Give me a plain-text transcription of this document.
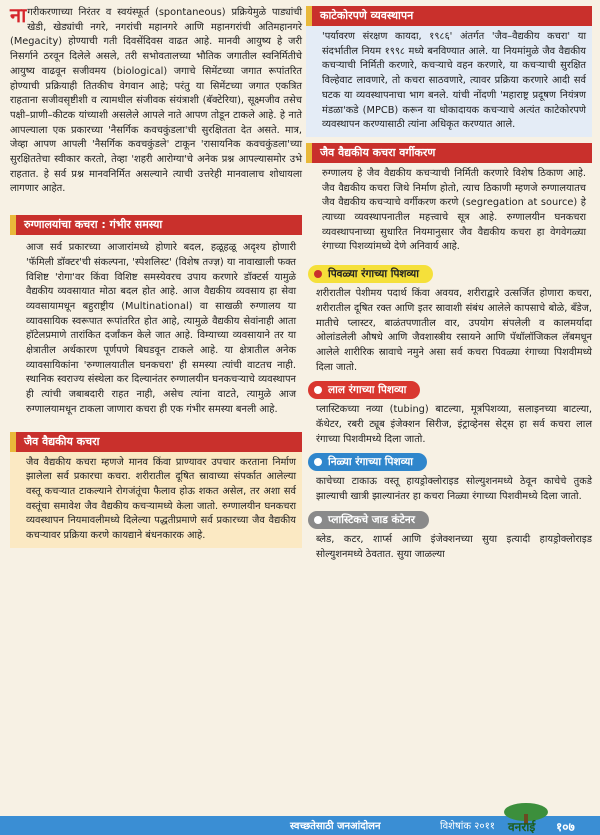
नागरीकरणाच्या निरंतर व स्वयंस्फूर्त (spontaneous) प्रक्रियेमुळे पाड्यांची खेडी, खेड्यांची नगरे, नगरांची महानगरे आणि महानगरांची अतिमहानगरे (Megacity) होण्याची गती दिवसेंदिवस वाढत आहे. मानवी आयुष्य हे जरी निसर्गाने ठरवून दिलेले असले, तरी सभोवतालच्या भौतिक जगातील स्वनिर्मितीचे आयुष्य वाढवून सजीवमय (biological) जगाचे सिमेंटच्या जगात रूपांतरित होण्याची प्रक्रियाही तितकीच वेगवान आहे; परंतु या सिमेंटच्या जगात एकत्रित राहताना सजीवसृष्टीशी व त्यामधील संजीवक संयंत्राशी (बॅक्टेरिया), सूक्ष्मजीव तसेच पक्षी–प्राणी–कीटक यांच्याशी असलेले आपले नाते आपण तोडून टाकले आहे. हे नाते आपल्याला एक प्रकारच्या 'नैसर्गिक कवचकुंडला'ची सुरक्षितता देत असते. मात्र, जेव्हा आपण आपली 'नैसर्गिक कवचकुंडले' टाकून 'रासायनिक कवचकुंडला'च्या सुरक्षिततेचा स्वीकार करतो, तेव्हा 'शहरी आरोग्या'चे अनेक प्रश्न आपल्यासमोर उभे राहतात. हे सर्व प्रश्न मानवनिर्मित असल्याने त्याची उत्तरेही मानवालाच शोधायला लागणार आहेत.

रुग्णालयांचा कचरा : गंभीर समस्या

आज सर्व प्रकारच्या आजारांमध्ये होणारे बदल, हळूहळू अदृश्य होणारी 'फॅमिली डॉक्टर'ची संकल्पना, 'स्पेशलिस्ट' (विशेष तज्ज्ञ) या नावाखाली फक्त विशिष्ट 'रोगा'वर किंवा विशिष्ट समस्येवरच उपाय करणारे डॉक्टर्स यामुळे वैद्यकीय व्यवसायात मोठा बदल होत आहे. आज वैद्यकीय व्यवसाय हा सेवा व्यवसायामधून बहुराष्ट्रीय (Multinational) वा साखळी रुग्णालय या व्यावसायिक स्वरूपात रूपांतरित होत आहे, त्यामुळे वैद्यकीय सेवांनाही आता हॉटेलप्रमाणे तारांकित दर्जांकन केले जात आहे. विम्याच्या व्यवसायाने तर या क्षेत्रातील अर्थकारण पूर्णपणे बिघडवून टाकले आहे. या क्षेत्रातील अनेक व्यावसायिकांना 'रुग्णालयातील घनकचरा' ही समस्या त्यांची वाटतच नाही. स्थानिक स्वराज्य संस्थेला कर दिल्यानंतर रुग्णालयीन घनकचऱ्याचे व्यवस्थापन ही त्यांची जबाबदारी राहत नाही, असेच त्यांना वाटते, त्यामुळे आज रुग्णालयामधून टाकला जाणारा कचरा ही एक गंभीर समस्या बनली आहे.

जैव वैद्यकीय कचरा

जैव वैद्यकीय कचरा म्हणजे मानव किंवा प्राण्यावर उपचार करताना निर्माण झालेला सर्व प्रकारचा कचरा. शरीरातील दूषित स्रावाच्या संपर्कात आलेल्या वस्तू कचऱ्यात टाकल्याने रोगजंतूंचा फैलाव होऊ शकत असेल, तर अशा सर्व वस्तूंचा समावेश जैव वैद्यकीय कचऱ्यामध्ये केला जातो. रुग्णालयीन घनकचरा व्यवस्थापन नियमावलीमध्ये दिलेल्या पद्धतीप्रमाणे सर्व प्रकारच्या जैव वैद्यकीय कचऱ्यावर प्रक्रिया करणे कायद्याने बंधनकारक आहे.

काटेकोरपणे व्यवस्थापन

'पर्यावरण संरक्षण कायदा, १९८६' अंतर्गत 'जैव–वैद्यकीय कचरा' या संदर्भातील नियम १९९८ मध्ये बनविण्यात आले. या नियमांमुळे जैव वैद्यकीय कचऱ्याची निर्मिती करणारे, कचऱ्याचे वहन करणारे, या कचऱ्याची सुरक्षित विल्हेवाट लावणारे, तो कचरा साठवणारे, त्यावर प्रक्रिया करणारे आदी सर्व घटक या व्यवस्थापनाचा भाग बनले. यांची नोंदणी 'महाराष्ट्र प्रदूषण नियंत्रण मंडळा'कडे (MPCB) करून या धोकादायक कचऱ्याचे अत्यंत काटेकोरपणे व्यवस्थापन करण्यासाठी त्यांना अधिकृत करण्यात आले.

जैव वैद्यकीय कचरा वर्गीकरण

रुग्णालय हे जैव वैद्यकीय कचऱ्याची निर्मिती करणारे विशेष ठिकाण आहे. जैव वैद्यकीय कचरा जिथे निर्माण होतो, त्याच ठिकाणी म्हणजे रुग्णालयातच जैव वैद्यकीय कचऱ्याचे वर्गीकरण करणे (segregation at source) हे त्याच्या व्यवस्थापनातील महत्त्वाचे सूत्र आहे. रुग्णालयीन घनकचरा व्यवस्थापनाच्या सुधारित नियमानुसार जैव वैद्यकीय कचरा हा वेगवेगळ्या रंगाच्या पिशव्यांमध्ये देणे अनिवार्य आहे.

पिवळ्या रंगाच्या पिशव्या

शरीरातील पेशीमय पदार्थ किंवा अवयव, शरीराद्वारे उत्सर्जित होणारा कचरा, शरीरातील दूषित रक्त आणि इतर स्रावाशी संबंध आलेले कापसाचे बोळे, बँडेज, मातीचे प्लास्टर, बाळंतपणातील वार, उपयोग संपलेली व कालमर्यादा ओलांडलेली औषधे आणि जैवशास्त्रीय रसायने आणि पॅथॉलॉजिकल लॅबमधून आलेले शारीरिक स्रावाचे नमुने असा सर्व कचरा पिवळ्या रंगाच्या पिशवीमध्ये दिला जातो.

लाल रंगाच्या पिशव्या

प्लास्टिकच्या नव्या (tubing) बाटल्या, मूत्रपिशव्या, सलाइनच्या बाटल्या, कॅथेटर, रबरी ट्यूब इंजेक्शन सिरीज, इंट्राव्हेनस सेट्स हा सर्व कचरा लाल रंगाच्या पिशवीमध्ये दिला जातो.

निळ्या रंगाच्या पिशव्या

काचेच्या टाकाऊ वस्तू हायड्रोक्लोराइड सोल्युशनमध्ये ठेवून काचेचे तुकडे झाल्याची खात्री झाल्यानंतर हा कचरा निळ्या रंगाच्या पिशवीमध्ये दिला जातो.

प्लास्टिकचे जाड कंटेनर

ब्लेड, कटर, शार्प्स आणि इंजेक्शनच्या सुया इत्यादी हायड्रोक्लोराइड सोल्युशनमध्ये ठेवतात. सुया जाळल्या

स्वच्छतेसाठी जनआंदोलन	विशेषांक २०११	१०७
वनराई
